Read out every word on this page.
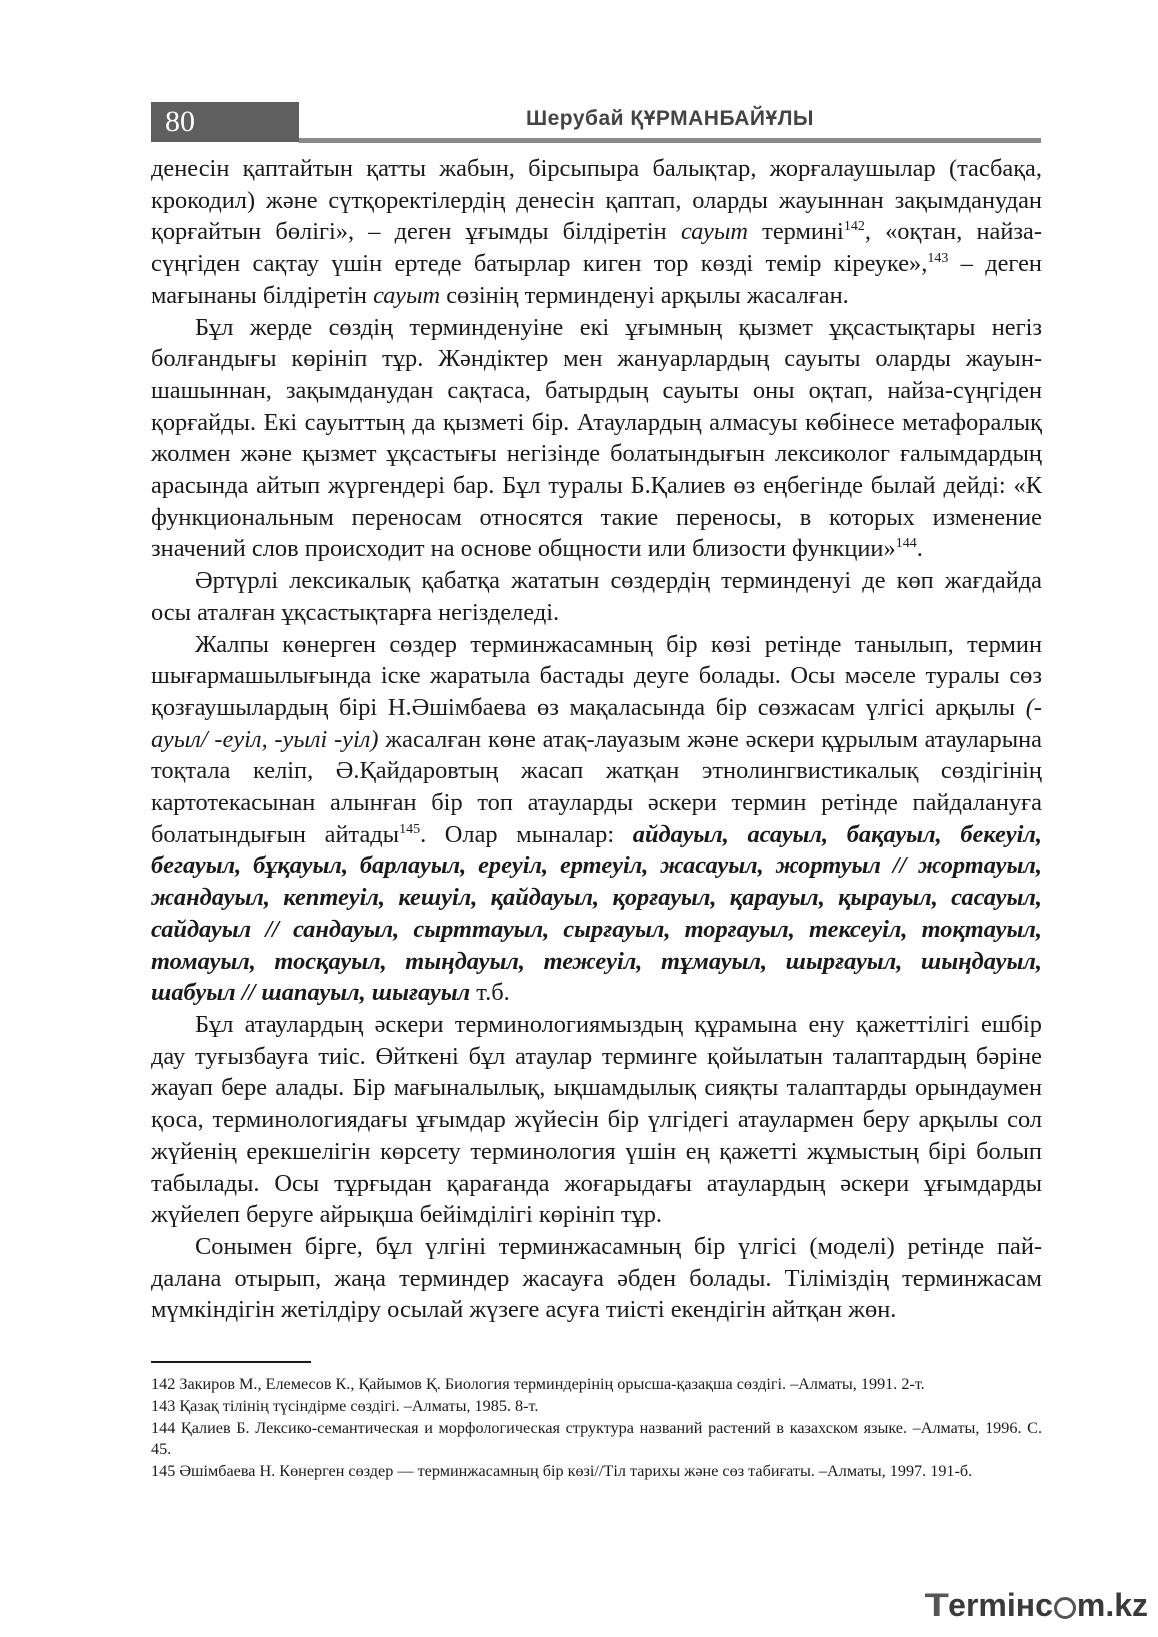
80	Шерубай ҚҰРМАНБАЙҰЛЫ

денесін қаптайтын қатты жабын, бірсыпыра балықтар, жорғалаушылар (тасбақа, крокодил) және сүтқоректілердің денесін қаптап, оларды жауыннан зақымданудан қорғайтын бөлігі», – деген ұғымды білдіретін сауыт термині$^{142}$, «оқтан, найза-сүңгіден сақтау үшін ертеде батырлар киген тор көзді темір кіреуке»,$^{143}$ – деген мағынаны білдіретін сауыт сөзінің терминденуі арқылы жасалған.

Бұл жерде сөздің терминденуіне екі ұғымның қызмет ұқсастықтары негіз болғандығы көрініп тұр. Жәндіктер мен жануарлардың сауыты оларды жауын-шашыннан, зақымданудан сақтаса, батырдың сауыты оны оқтап, найза-сүңгіден қорғайды. Екі сауыттың да қызметі бір. Атаулардың алмасуы көбінесе метафоралық жолмен және қызмет ұқсастығы негізінде болатындығын лексиколог ғалымдардың арасында айтып жүргендері бар. Бұл туралы Б.Қалиев өз еңбегінде былай дейді: «К функциональным переносам относятся такие переносы, в которых изменение значений слов происходит на основе общности или близости функции»$^{144}$.

Әртүрлі лексикалық қабатқа жататын сөздердің терминденуі де көп жағдайда осы аталған ұқсастықтарға негізделеді.

Жалпы көнерген сөздер терминжасамның бір көзі ретінде танылып, термин шығармашылығында іске жаратыла бастады деуге болады. Осы мәселе туралы сөз қозғаушылардың бірі Н.Әшімбаева өз мақаласында бір сөзжасам үлгісі арқылы (-ауыл/ -еуіл, -уылі -уіл) жасалған көне атақ-лауазым және әскери құрылым атауларына тоқтала келіп, Ә.Қайдаровтың жасап жатқан этнолингвистикалық сөздігінің картотекасынан алынған бір топ атауларды әскери термин ретінде пайдалануға болатындығын айтады$^{145}$. Олар мыналар: айдауыл, асауыл, бақауыл, бекеуіл, бегауыл, бұқауыл, барлауыл, ереуіл, ертеуіл, жасауыл, жортуыл // жортауыл, жандауыл, кептеуіл, кешуіл, қайдауыл, қорғауыл, қарауыл, қырауыл, сасауыл, сайдауыл // сандауыл, сырттауыл, сырғауыл, торғауыл, тексеуіл, тоқтауыл, томауыл, тосқауыл, тыңдауыл, тежеуіл, тұмауыл, шырғауыл, шыңдауыл, шабуыл // шапауыл, шығауыл т.б.

Бұл атаулардың әскери терминологиямыздың құрамына ену қажеттілігі ешбір дау туғызбауға тиіс. Өйткені бұл атаулар терминге қойылатын талаптардың бәріне жауап бере алады. Бір мағыналылық, ықшамдылық сияқты талаптарды орындаумен қоса, терминологиядағы ұғымдар жүйесін бір үлгідегі атаулармен беру арқылы сол жүйенің ерекшелігін көрсету терминология үшін ең қажетті жұмыстың бірі болып табылады. Осы тұрғыдан қарағанда жоғарыдағы атаулардың әскери ұғымдарды жүйелеп беруге айрықша бейімділігі көрініп тұр.

Сонымен бірге, бұл үлгіні терминжасамның бір үлгісі (моделі) ретінде пайдалана отырып, жаңа терминдер жасауға әбден болады. Тіліміздің терминжасам мүмкіндігін жетілдіру осылай жүзеге асуға тиісті екендігін айтқан жөн.

142 Закиров М., Елемесов К., Қайымов Қ. Биология терминдерінің орысша-қазақша сөздігі. –Алматы, 1991. 2-т.

143 Қазақ тілінің түсіндірме сөздігі. –Алматы, 1985. 8-т.

144 Қалиев Б. Лексико-семантическая и морфологическая структура названий растений в казахском языке. –Алматы, 1996. С. 45.

145 Әшімбаева Н. Көнерген сөздер — терминжасамның бір көзі//Тіл тарихы және сөз табиғаты. –Алматы, 1997. 191-б.

Termінc m.kz
